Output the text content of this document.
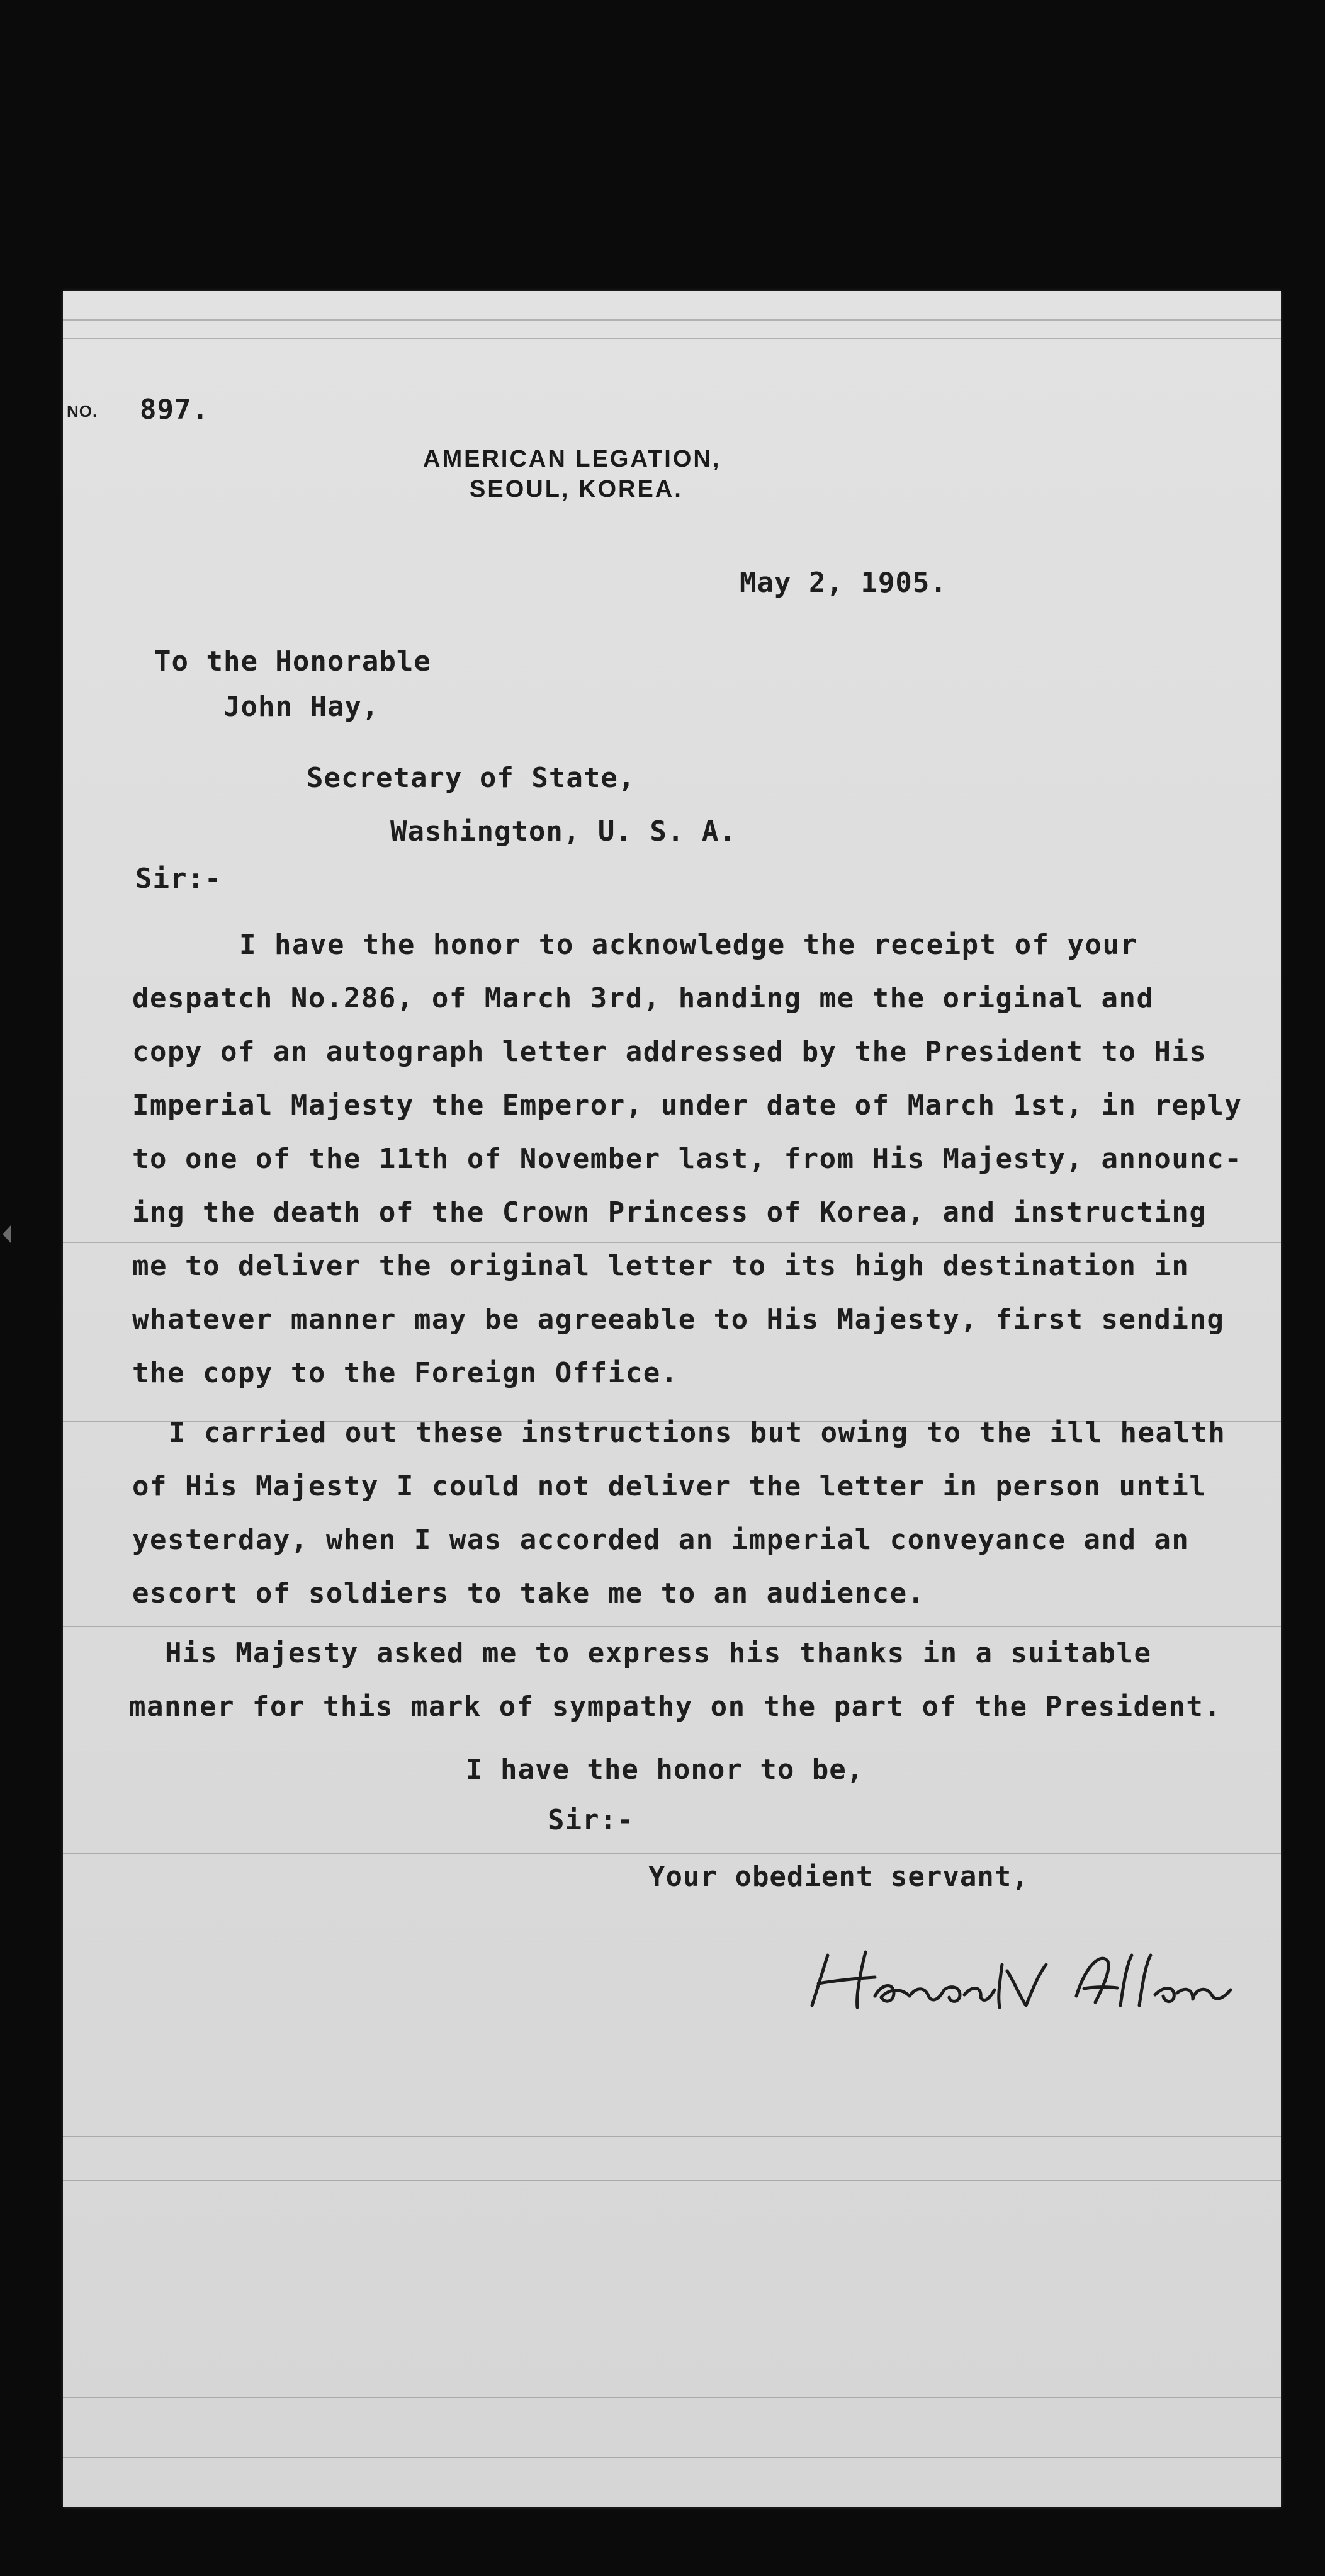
NO. 897.
AMERICAN LEGATION,
SEOUL, KOREA.
May 2, 1905.
To the Honorable
John Hay,
Secretary of State,
Washington, U. S. A.
Sir:-
I have the honor to acknowledge the receipt of your
despatch No.286, of March 3rd, handing me the original and
copy of an autograph letter addressed by the President to His
Imperial Majesty the Emperor, under date of March 1st, in reply
to one of the 11th of November last, from His Majesty, announc-
ing the death of the Crown Princess of Korea, and instructing
me to deliver the original letter to its high destination in
whatever manner may be agreeable to His Majesty, first sending
the copy to the Foreign Office.
I carried out these instructions but owing to the ill health
of His Majesty I could not deliver the letter in person until
yesterday, when I was accorded an imperial conveyance and an
escort of soldiers to take me to an audience.
His Majesty asked me to express his thanks in a suitable
manner for this mark of sympathy on the part of the President.
I have the honor to be,
Sir:-
Your obedient servant,
Horace N. Allen
